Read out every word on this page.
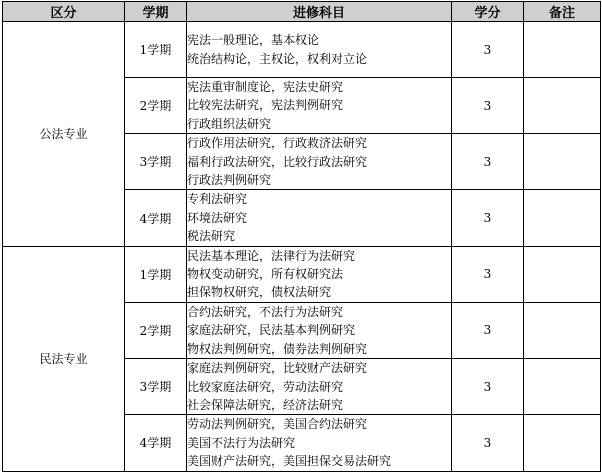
区分	学期	进修科目	学分	备注
公法专业	1学期	宪法一般理论，基本权论
统治结构论，主权论，权利对立论	3	
	2学期	宪法重审制度论，宪法史研究
比较宪法研究，宪法判例研究
行政组织法研究	3	
	3学期	行政作用法研究，行政救济法研究
福利行政法研究，比较行政法研究
行政法判例研究	3	
	4学期	专利法研究
环境法研究
税法研究	3	
民法专业	1学期	民法基本理论，法律行为法研究
物权变动研究，所有权研究法
担保物权研究，债权法研究	3	
	2学期	合约法研究，不法行为法研究
家庭法研究，民法基本判例研究
物权法判例研究，债券法判例研究	3	
	3学期	家庭法判例研究，比较财产法研究
比较家庭法研究，劳动法研究
社会保障法研究，经济法研究	3	
	4学期	劳动法判例研究，美国合约法研究
美国不法行为法研究
美国财产法研究，美国担保交易法研究	3	
